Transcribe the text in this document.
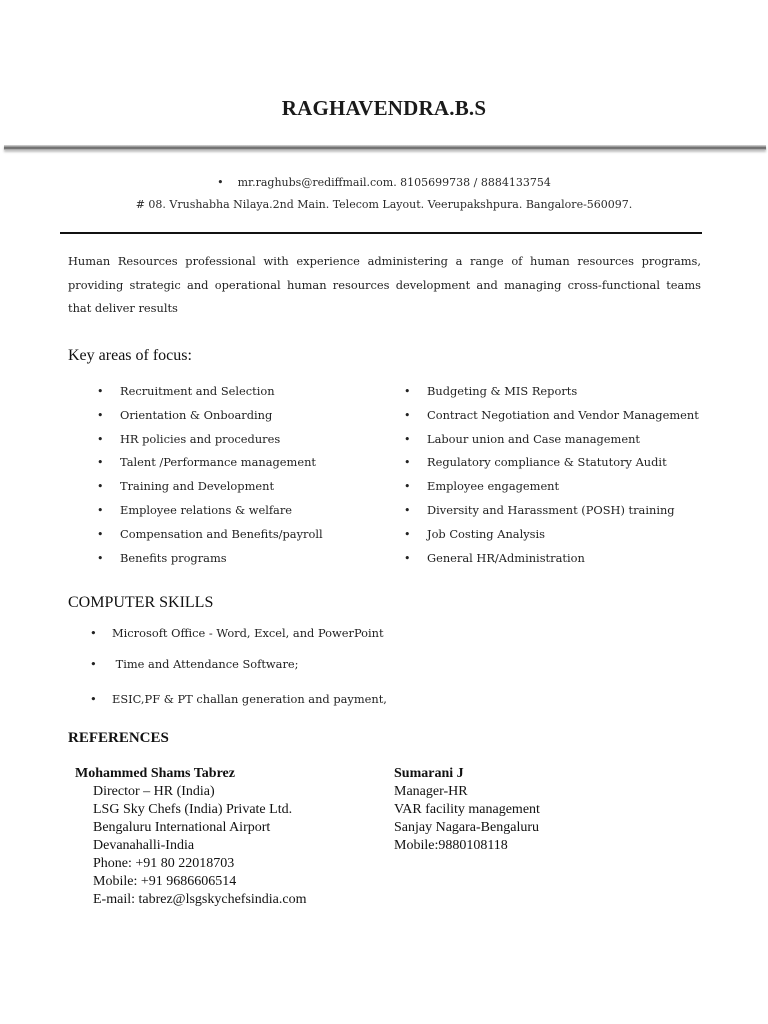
RAGHAVENDRA.B.S
• mr.raghubs@rediffmail.com. 8105699738 / 8884133754
# 08. Vrushabha Nilaya.2nd Main. Telecom Layout. Veerupakshpura. Bangalore-560097.
Human Resources professional with experience administering a range of human resources programs, providing strategic and operational human resources development and managing cross-functional teams that deliver results
Key areas of focus:
• Recruitment and Selection
• Orientation & Onboarding
• HR policies and procedures
• Talent /Performance management
• Training and Development
• Employee relations & welfare
• Compensation and Benefits/payroll
• Benefits programs
• Budgeting & MIS Reports
• Contract Negotiation and Vendor Management
• Labour union and Case management
• Regulatory compliance & Statutory Audit
• Employee engagement
• Diversity and Harassment (POSH) training
• Job Costing Analysis
• General HR/Administration
COMPUTER SKILLS
• Microsoft Office - Word, Excel, and PowerPoint
• Time and Attendance Software;
• ESIC,PF & PT challan generation and payment,
REFERENCES
Mohammed Shams Tabrez
Director – HR (India)
LSG Sky Chefs (India) Private Ltd.
Bengaluru International Airport
Devanahalli-India
Phone: +91 80 22018703
Mobile: +91 9686606514
E-mail: tabrez@lsgskychefsindia.com
Sumarani J
Manager-HR
VAR facility management
Sanjay Nagara-Bengaluru
Mobile:9880108118
